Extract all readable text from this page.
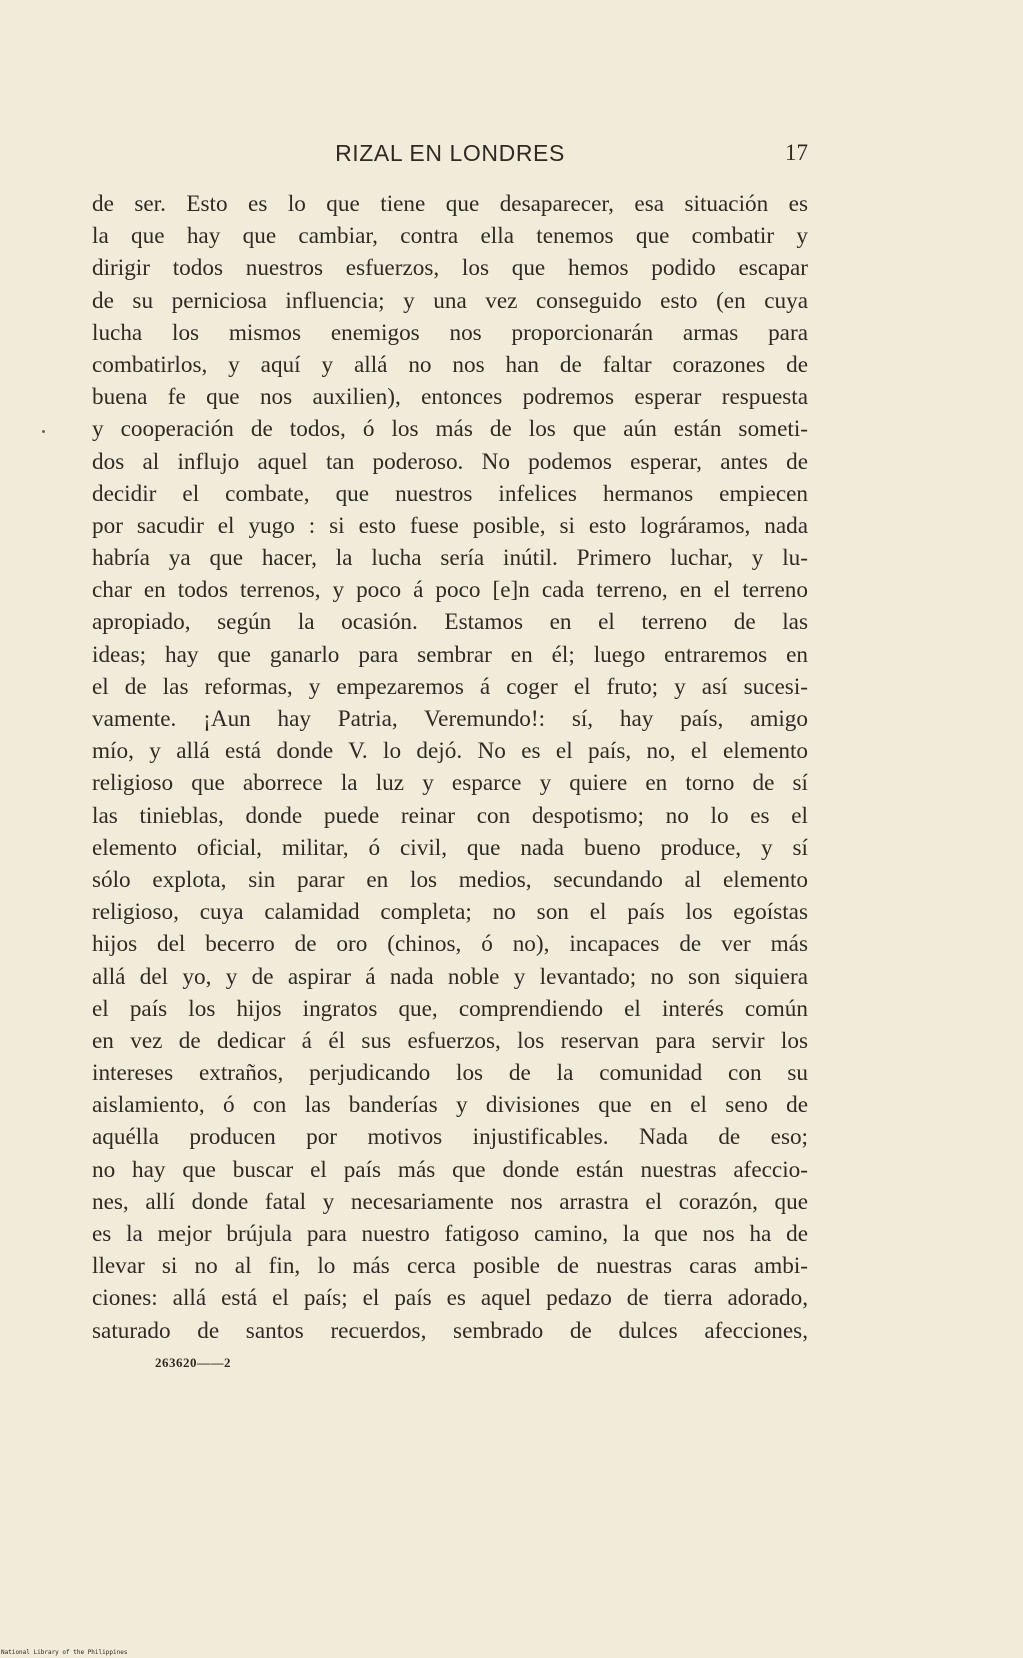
RIZAL EN LONDRES	17
de ser. Esto es lo que tiene que desaparecer, esa situación es
la que hay que cambiar, contra ella tenemos que combatir y
dirigir todos nuestros esfuerzos, los que hemos podido escapar
de su perniciosa influencia; y una vez conseguido esto (en cuya
lucha los mismos enemigos nos proporcionarán armas para
combatirlos, y aquí y allá no nos han de faltar corazones de
buena fe que nos auxilien), entonces podremos esperar respuesta
y cooperación de todos, ó los más de los que aún están someti-
dos al influjo aquel tan poderoso. No podemos esperar, antes de
decidir el combate, que nuestros infelices hermanos empiecen
por sacudir el yugo : si esto fuese posible, si esto lográramos, nada
habría ya que hacer, la lucha sería inútil. Primero luchar, y lu-
char en todos terrenos, y poco á poco [e]n cada terreno, en el terreno
apropiado, según la ocasión. Estamos en el terreno de las
ideas; hay que ganarlo para sembrar en él; luego entraremos en
el de las reformas, y empezaremos á coger el fruto; y así sucesi-
vamente. ¡Aun hay Patria, Veremundo!: sí, hay país, amigo
mío, y allá está donde V. lo dejó. No es el país, no, el elemento
religioso que aborrece la luz y esparce y quiere en torno de sí
las tinieblas, donde puede reinar con despotismo; no lo es el
elemento oficial, militar, ó civil, que nada bueno produce, y sí
sólo explota, sin parar en los medios, secundando al elemento
religioso, cuya calamidad completa; no son el país los egoístas
hijos del becerro de oro (chinos, ó no), incapaces de ver más
allá del yo, y de aspirar á nada noble y levantado; no son siquiera
el país los hijos ingratos que, comprendiendo el interés común
en vez de dedicar á él sus esfuerzos, los reservan para servir los
intereses extraños, perjudicando los de la comunidad con su
aislamiento, ó con las banderías y divisiones que en el seno de
aquélla producen por motivos injustificables. Nada de eso;
no hay que buscar el país más que donde están nuestras afeccio-
nes, allí donde fatal y necesariamente nos arrastra el corazón, que
es la mejor brújula para nuestro fatigoso camino, la que nos ha de
llevar si no al fin, lo más cerca posible de nuestras caras ambi-
ciones: allá está el país; el país es aquel pedazo de tierra adorado,
saturado de santos recuerdos, sembrado de dulces afecciones,
263620——2
National Library of the Philippines
